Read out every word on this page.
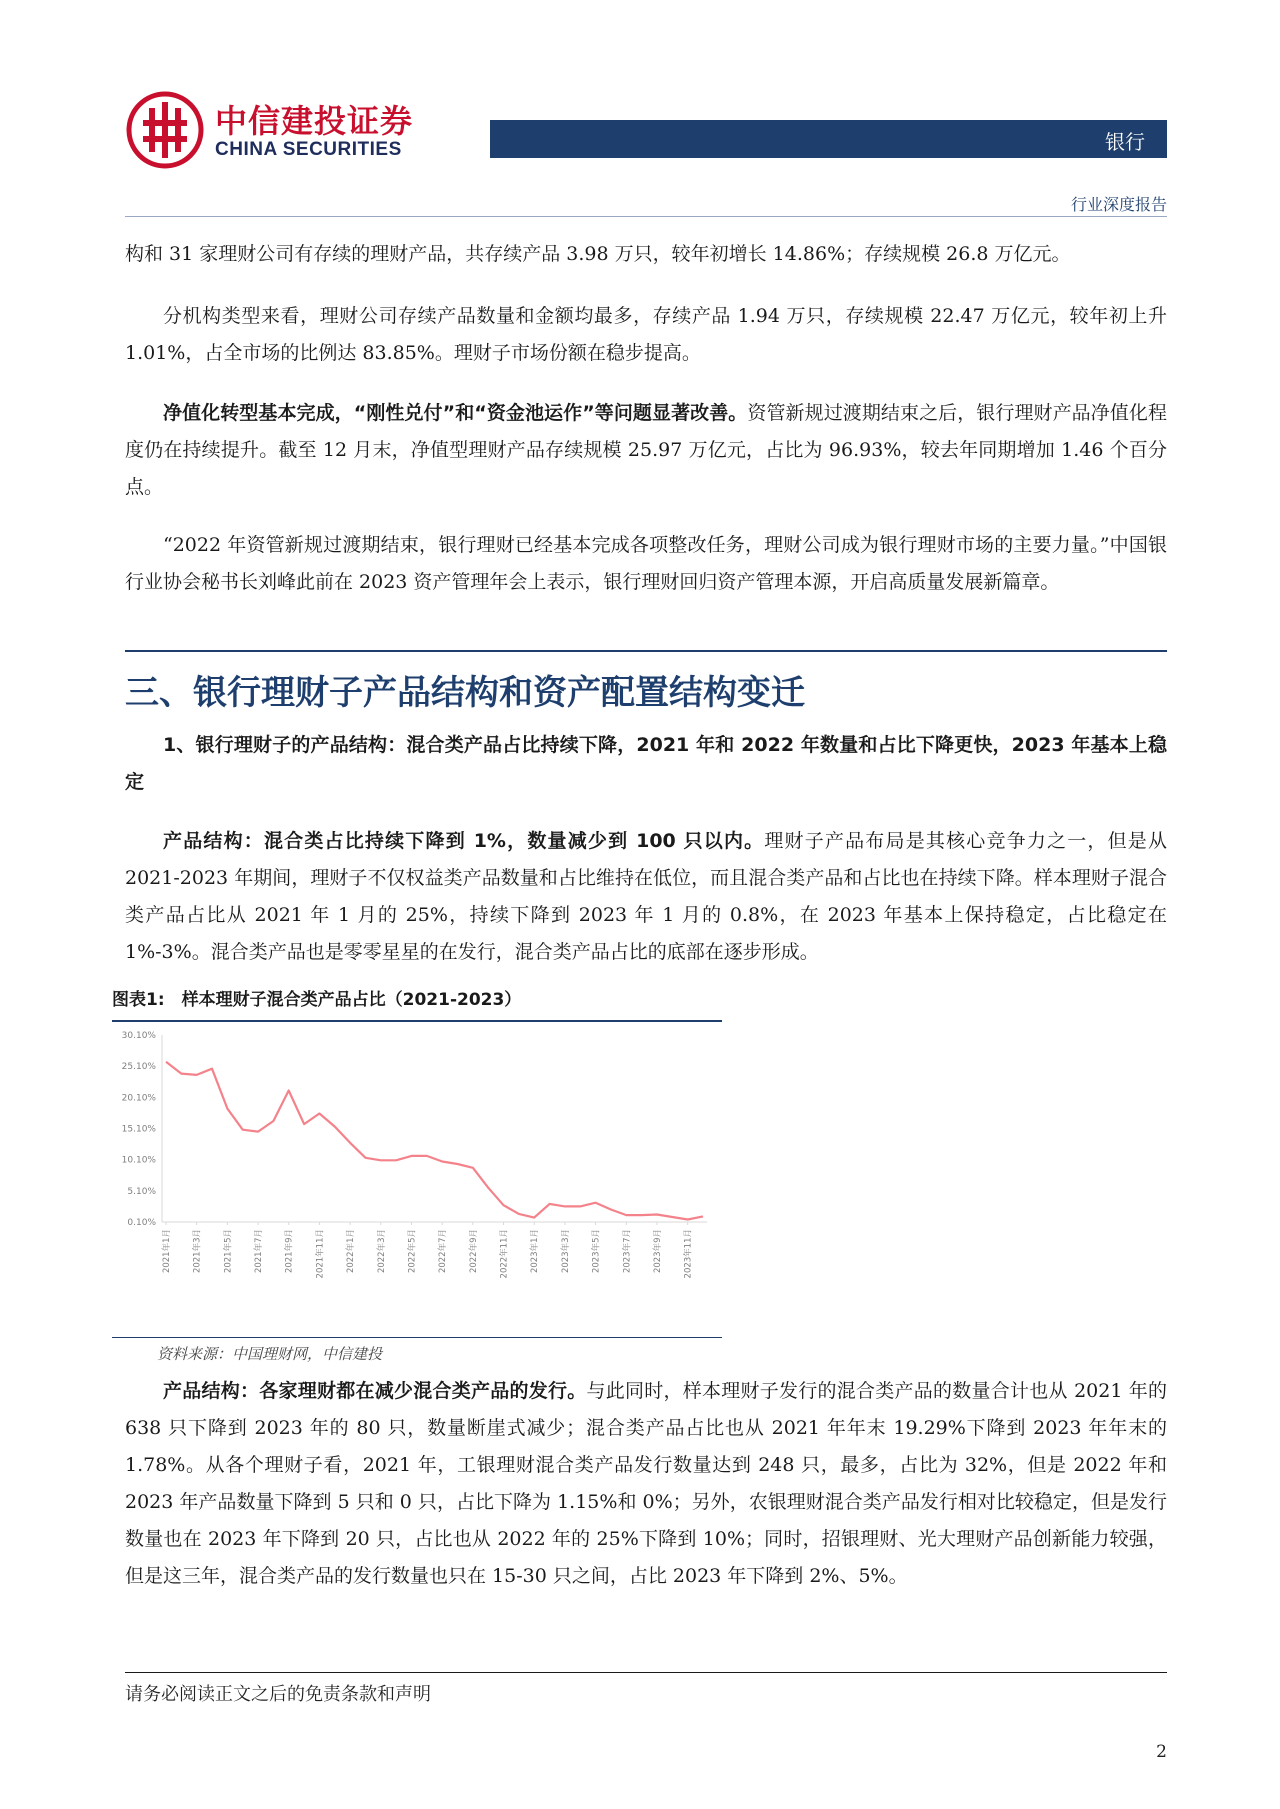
中信建投证券
CHINA SECURITIES	银行
行业深度报告
构和 31 家理财公司有存续的理财产品，共存续产品 3.98 万只，较年初增长 14.86%；存续规模 26.8 万亿元。
分机构类型来看，理财公司存续产品数量和金额均最多，存续产品 1.94 万只，存续规模 22.47 万亿元，较年初上升 1.01%，占全市场的比例达 83.85%。理财子市场份额在稳步提高。
净值化转型基本完成，“刚性兑付”和“资金池运作”等问题显著改善。资管新规过渡期结束之后，银行理财产品净值化程度仍在持续提升。截至 12 月末，净值型理财产品存续规模 25.97 万亿元，占比为 96.93%，较去年同期增加 1.46 个百分点。
“2022 年资管新规过渡期结束，银行理财已经基本完成各项整改任务，理财公司成为银行理财市场的主要力量。”中国银行业协会秘书长刘峰此前在 2023 资产管理年会上表示，银行理财回归资产管理本源，开启高质量发展新篇章。
三、银行理财子产品结构和资产配置结构变迁
1、银行理财子的产品结构：混合类产品占比持续下降，2021 年和 2022 年数量和占比下降更快，2023 年基本上稳定
产品结构：混合类占比持续下降到 1%，数量减少到 100 只以内。理财子产品布局是其核心竞争力之一，但是从 2021-2023 年期间，理财子不仅权益类产品数量和占比维持在低位，而且混合类产品和占比也在持续下降。样本理财子混合类产品占比从 2021 年 1 月的 25%，持续下降到 2023 年 1 月的 0.8%，在 2023 年基本上保持稳定，占比稳定在 1%-3%。混合类产品也是零零星星的在发行，混合类产品占比的底部在逐步形成。
图表1:　样本理财子混合类产品占比（2021-2023）
0.10%
5.10%
10.10%
15.10%
20.10%
25.10%
30.10%
2021年1月 2021年3月 2021年5月 2021年7月 2021年9月 2021年11月 2022年1月 2022年3月 2022年5月 2022年7月 2022年9月 2022年11月 2023年1月 2023年3月 2023年5月 2023年7月 2023年9月 2023年11月
资料来源：中国理财网，中信建投
产品结构：各家理财都在减少混合类产品的发行。与此同时，样本理财子发行的混合类产品的数量合计也从 2021 年的 638 只下降到 2023 年的 80 只，数量断崖式减少；混合类产品占比也从 2021 年年末 19.29%下降到 2023 年年末的 1.78%。从各个理财子看，2021 年，工银理财混合类产品发行数量达到 248 只，最多，占比为 32%，但是 2022 年和 2023 年产品数量下降到 5 只和 0 只，占比下降为 1.15%和 0%；另外，农银理财混合类产品发行相对比较稳定，但是发行数量也在 2023 年下降到 20 只，占比也从 2022 年的 25%下降到 10%；同时，招银理财、光大理财产品创新能力较强，但是这三年，混合类产品的发行数量也只在 15-30 只之间，占比 2023 年下降到 2%、5%。
请务必阅读正文之后的免责条款和声明
2
